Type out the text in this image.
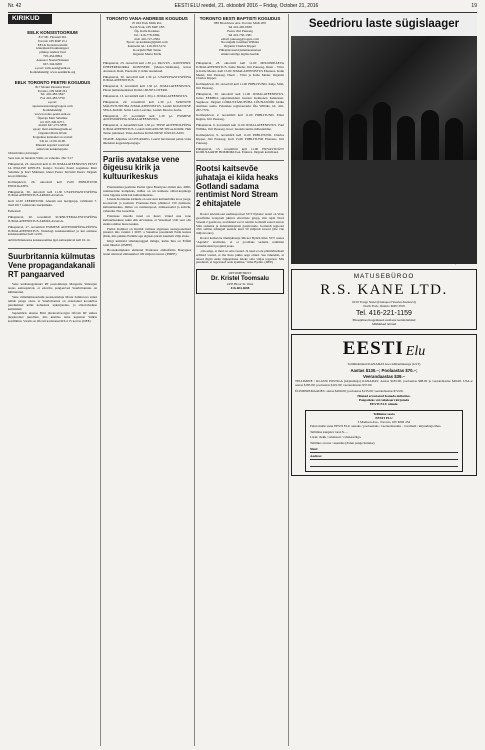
Nr. 42	EESTI ELU reedel, 21. oktoobril 2016 – Friday, October 21, 2016	19
KIRIKUD
EELK KONSISTOORIUM
817 Mt. Pleasant Rd.
Toronto ON M4P 2L1
EELK Konsistooriumi
kõnemuuril kokkuleppel
piiskop Andres Taul
705-454-8994
Assessor Naani Holunen
647-344-9206
e-post: valis-eesti@eelk.ee
Kodulehekülg: www.eestikirik.org
EELK TORONTO PEETRI KOGUDUS
817 Mount Pleasant Road
Toronto, ON M4P 2L1
Tel. 416-483-5847
Fax 416-483-5756
e-post:
stpeterseestonian@rogers.com
Kodulehekülg:
www.toronto.peetri.eelk.ee
Õpetaja Mart Salumäe
tel. 647-340-9271,
mobiil 647-273-5858
epost: mart.salumae@eelk.ee
Organist Marta Kivik
Koguduse kantselei on avatud
T-R kl. 11:00-16.00.
Muudel aegadel vastavalt
eelnevale kokkuleppele.

Oktoobrikuu jutlustaja:

Seal, kus on lunanda Valm, on vahedus. 2Kr 3:17

Pühapäeval, 23. oktoobril kell 11.30 JUMALATEENISTUS EESTI JA INGLISE KEELES. Kaleja: Toronto Peetri koguduse Mart Salumäe ja Karl Malmeni, kõnel Pastor Kivisild Peetri. Järgneb koosviibimine.

Kolmapäeval, 26. oktoobril kell 15.00 PIIBLITUND ENDLIGATES.

Pühapäeval, 30. oktoobril kell 11.30 USUPUHASTUSPÜHA JUMALATEENISTUS ARMULAUAGA.

Kell 12.30 LEERITUND. Alustab uus leerigrupp, valmistab 7. mail 2017 toimuvaks leeripühaks.

Eelteated:

Pühapäeval, 20. novembril SURNUTEMALESTUSPÜHA JUMALATEENISTUS ARMULAUAGA.

Pühapäeval, 27. novembril ESIMESE ADVENDIPÜHA-PÜHVA JUMALATEENISTUS. Naisringi kokkusaamisel ja kui esimese kokkusaamiset kell 12.00.

Arbitivõimekonna kokkusaamine igal esmaspäeval kell 10-14.

Suurbritannia külmutas Vene propagandakanali RT pangaarved

Vene uudisteagentuuri RT peatoimetaja Margarita Simonjan teatas esmaspäeval, et ettevõte pangaarved Suurbritannias on külmutatud.

Vene välisministeeriumi pressiesindaja Maria Zahharova sõnul näitab panga otsus, et Suurbritannia on otsustanud kooskõlas puudumisel kõiki kohustusi ajakirjandus- ja sõnavabaduse kaitsmisel.

Septembris alustas Briti järelevalveorgan Ofcom RT suhtes järjekordset juurdlust, mis käsitles tema kajastust Süüria konfliktist. Varem on Ofcom karistanud RT-d 15 korral. (DEE)

TORONTO VANA-ANDRESE KOGUDUS
25 Old York Mills Rd.,
North York, ON M2P 1B5
Õp. Kalle Kadakas
Tel.: 416-778-6360,
mob 416-727-2384
Epost: op.kadakas@gmail.com
Kantselei tel.: 416-923-5172.
Koorijuht Heli Tenno
Organist Marta Kivik

Pühapäeval, 23. oktoobril kell 1.30 p.l. PALVUS - KONTSERT. ÜHEPEREKORRA KONTSERT. (Mezzo-Weimann), kavas Arensson, Raid, Piazzolla jt. Kõik teretulnud.

Pühapäeval, 30. oktoobril kell 1.30 p.l. USUPUHASTUSPÜHA JUMALATEENISTUS.

Pühapäeval, 6. novembril kell 1.30 p.l. JUMALATEENISTUS. Pärast jumalateenistust KOGU-DUSE LOTERII.

Pühapäeval, 13. novembril kell 1.30 p.l. JUMALATEENISTUS.

Pühapäeval, 20. novembril kell 1.30 p.l. SURNUTE MÄLESTUSPÜHA JUMALATEENISTUS. Laulab KOGUDUSE SEGA-KOOR. Solist Leelo Leevike, Laulab Monica Zerbe.

Pühapäeval, 27. novembril kell 1.30 p.l. ESIMESE ADVENDIPÜHA JUMALATEENISTUS.

Pühapäeval, 4. detsembril kell 1.30 p.l. TEISE ADVENDI-PÜHA JUMALATEENISTUS. Laulab KOGUDUSE SEGA-KOOR. Heli Tenno juhatusel. Vana-Andrese KOGUDUSE JÕULULAUD.

TEADE. Algamas on LEE-RIAEG. Leeriõ huvitatutel palun võtta ühendust kogudusõpetajaga.

Pariis avatakse vene õigeusu kirik ja kultuurikeskus

Prantsusmaa pealinna Pariisi Quai Branlysse ehitati uus, 4000-ruutmeetrine kompleks, milles on nii kaldeete siibul-koplitega vene õigeusu kirik kui kultuurikeskus.

Linade Kolmainu kirikule on seal suur kultuuriõhtu koos jaoga, koosnevalt ja kontuid, Prantsuse-Vene põhikool 150 õpilasele, kultuurikeskus, milles on raamatupood, näitusesaalid ja kohvik, vahendas The Guardian.

Prantsuse meedia tuuel on Iuuev võnud uue vene kultuurikeskuse kuhu ehk Arvatakse, et Venemaal võib seal olla elektroonilise luure keskus.

Pariisi Kabliud on Kremli valitsus algatuses suurejoonelised plaanid, mis vannisi 1 2007. a Venemaa presidendi Putin kutsus jääda, mis pakkus Putinile aga alguses pärast kuumalt välja sinna.

Kiigi kuldsaid sibulatpraggud mängu, kulus linn on Eiffeli torni lähedal. (PMEE)

Hoonekompleksi ehitanud Prantsuse ehitusfirma Bouygues teatel ulatuvad ehituskulud 100 miljoni euroni. (PMEE)

TORONTO EESTI BAPTISTI KOGUDUS
883 Broadview Ave. Toronto M4K 2P9
Tel 416-465-0639
Pastor Jüri Puusaag
Tel 416-750-1381
email: puusaag@rogers.com
Noortejuht Jonathan Wilbiks
Organist Charles Kipper
Pühapäevaseid jumalateenistusi
sünkroontõlge inglise keelde

Pühapäeval, 23. oktoobril kell 11.00 MISJONIPÄEVA JUMALATEENISTUS. Kalle Meder, Jüri Puusaag, Duett – Viive ja Kalle Meder. Kell 15.00 JUMALATEENISTUS Ehatares. Kalle Meder, Jüri Puusaag. Duett – Viive ja Kalle Meder. Organist Charles Kipper.

Kolmapäeval, 26. oktoobril kell 11.00 PIIBLITUND. Kaljo Siild, Jüri Puusaag.

Pühapäeval, 30. oktoobril kell 11.00 JUMALATEENISTUS. Juttas EEKBKL superintendent Gunnar Kekkonen Kekkonen. Segakoor. Järgneb LÕIKUSTÄNUPÜHA LÕUNASÖÖK kiriku alumises saalis. Palutakse registreeruda: Õie Wilbiks, tel. 416-267-7376.

Kolmapäeval, 2. novembril kell 11.00 PIIBLITUND. Einar Regina, Jüri Puusaag.

Pühapäeval, 6. novembril kell 11.00 JUMALATEENISTUS. Paul Wilbiks, Jüri Puusaag. Koor. Issanda surma mälestamine.

Kolmapäeval, 9. novembril kell 11.00 PIIBLITUND. Charles Kipper, Jüri Puusaag. Kell 15.00 PIIBLITUND Ehatares. Jüri Puusaag.

Pühapäeval, 13. novembril kell 11.00 HUVASTIJÄTT KODUSAARTE HOMMIKUGA. Erikava. Järgneb kohvilaud.

Rootsi kaitsevõe juhataja ei kiida heaks Gotlandi sadama rentimist Nord Stream 2 ehitajatele

Rootsi televisiooni uudisteportaal SVT Nyheter teatel on Vene gaasifirma Gazprom juhitav ettevõtete grupp, mis rajab Nord Stream 2 gaasitoru, avaldanud soovi rentida Gotlandi saarel asuvat Slite sadamat ja ladustamisplatsi gaasitorude. Gotlandi regiooni võib selline tehingud teenida kuni 50 miljonit krooni (üle viie miljoni euro).

Rootsi kaitsevõe ülemjuhataja Micael Bydén ütles SVT saates "Agenda" eraldades, et ei pooldaks sadama rentimist venemaalastel projekti jaoks.

„On selge, et meil on oma vaated. Ja need ei ole põhimõtteliselt sellised vaated, et ma ilusa pikka aega olnud. See tähendab, et teised riigid oleks õiguspärane tuleks oma väljas tegevust. Mis puudutab, et tegevused seda ajamine," ütles Bydén. (DEE)

OPTOMETRIST
Dr. Kristel Toomsalu
2435 Bloor St. West
416-604-4688
Seedrioru laste sügislaager

MATUSEBÜROO
R.S. KANE LTD.
6150 Yonge Street (lõunapool Steeles Avenue'd)
North York, Ontario M2N 3W9
Tel. 416-221-1159
Pikaajalised kogemused eestlaste teenindamisel
Mõõdukad hinnad
EESTI Elu
Tellimishinnad KANADAS koos käibemaksuga (GST)
Aastas $130.–; Poolaastas $70.–;
Veerandaastas $39.–

TELLIMINE / KLASSI POSTIGA (kirjandusja) KANADAS: Aastas $185.00, poolaastas $98.00 ja veerandaastas $49.00. USA-s: aastas $185.00; poolaastas $101.00; veerandaastas $57.00.

ÜLEMEREMAADES: aastas $260.00; poolaastas $135.00; veerandaastas $72.00.

Hinnad arvestatud Kanada dollarites.
Pangatšeks või rahakaart kirjutada
EESTI ELU nimele.
Tellimine saata
EESTI ELU
3 Madison Ave., Toronto, ON M5R 2S2

Palun mulle saata EESTI ELU aastaks / poolaastaks / veerandaastaks – tavaliselt / kirjandusja ühes.

Tellimise kuupäev taras $. ...

Lisan: tšekk / rahakaart / rahakaardiga.

Tellimus on uus / uuendus (Palun pange linnuke)

Nimi:
Aadress:
